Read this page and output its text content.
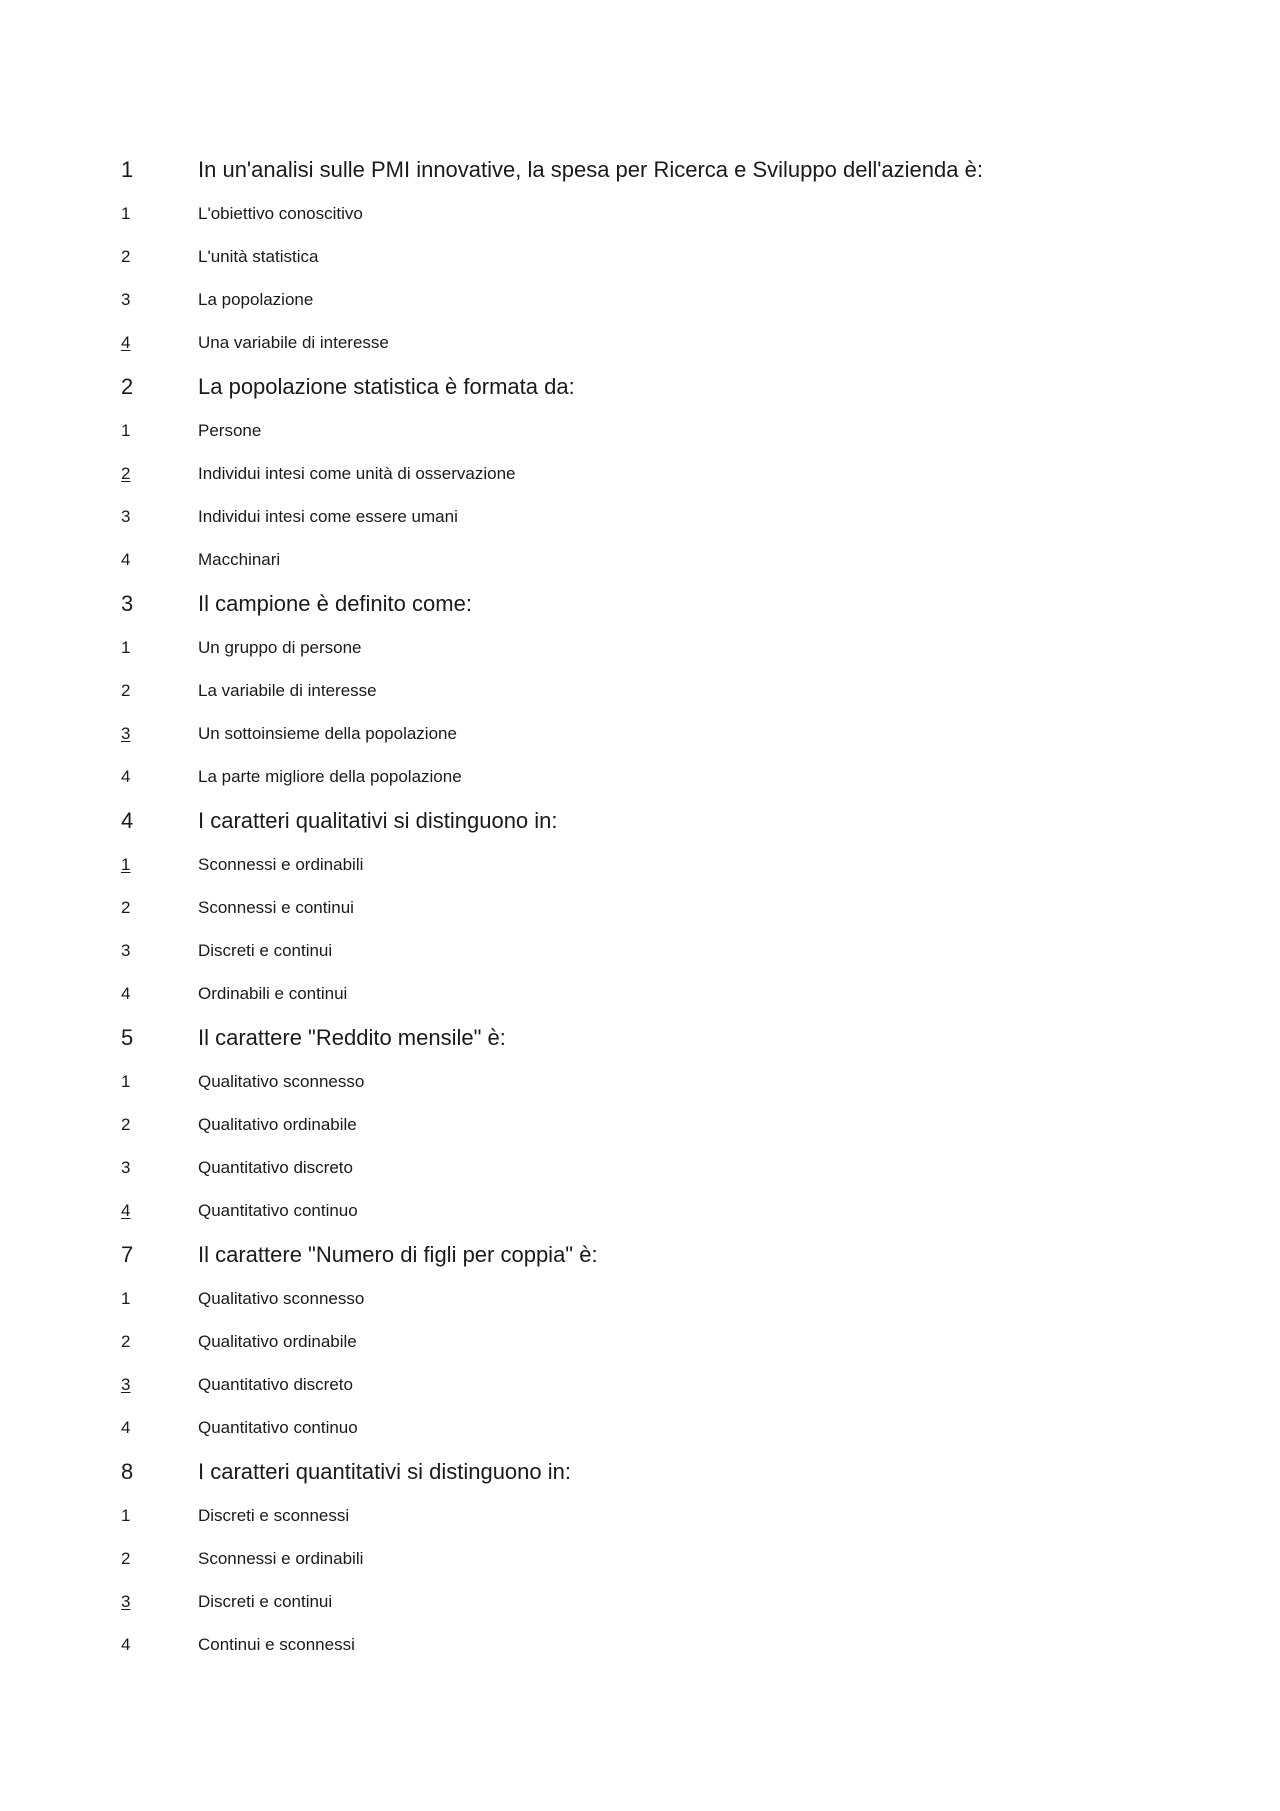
1	In un'analisi sulle PMI innovative, la spesa per Ricerca e Sviluppo dell'azienda è:
1	L'obiettivo conoscitivo
2	L'unità statistica
3	La popolazione
4	Una variabile di interesse
2	La popolazione statistica è formata da:
1	Persone
2	Individui intesi come unità di osservazione
3	Individui intesi come essere umani
4	Macchinari
3	Il campione è definito come:
1	Un gruppo di persone
2	La variabile di interesse
3	Un sottoinsieme della popolazione
4	La parte migliore della popolazione
4	I caratteri qualitativi si distinguono in:
1	Sconnessi e ordinabili
2	Sconnessi e continui
3	Discreti e continui
4	Ordinabili e continui
5	Il carattere "Reddito mensile" è:
1	Qualitativo sconnesso
2	Qualitativo ordinabile
3	Quantitativo discreto
4	Quantitativo continuo
7	Il carattere "Numero di figli per coppia" è:
1	Qualitativo sconnesso
2	Qualitativo ordinabile
3	Quantitativo discreto
4	Quantitativo continuo
8	I caratteri quantitativi si distinguono in:
1	Discreti e sconnessi
2	Sconnessi e ordinabili
3	Discreti e continui
4	Continui e sconnessi
